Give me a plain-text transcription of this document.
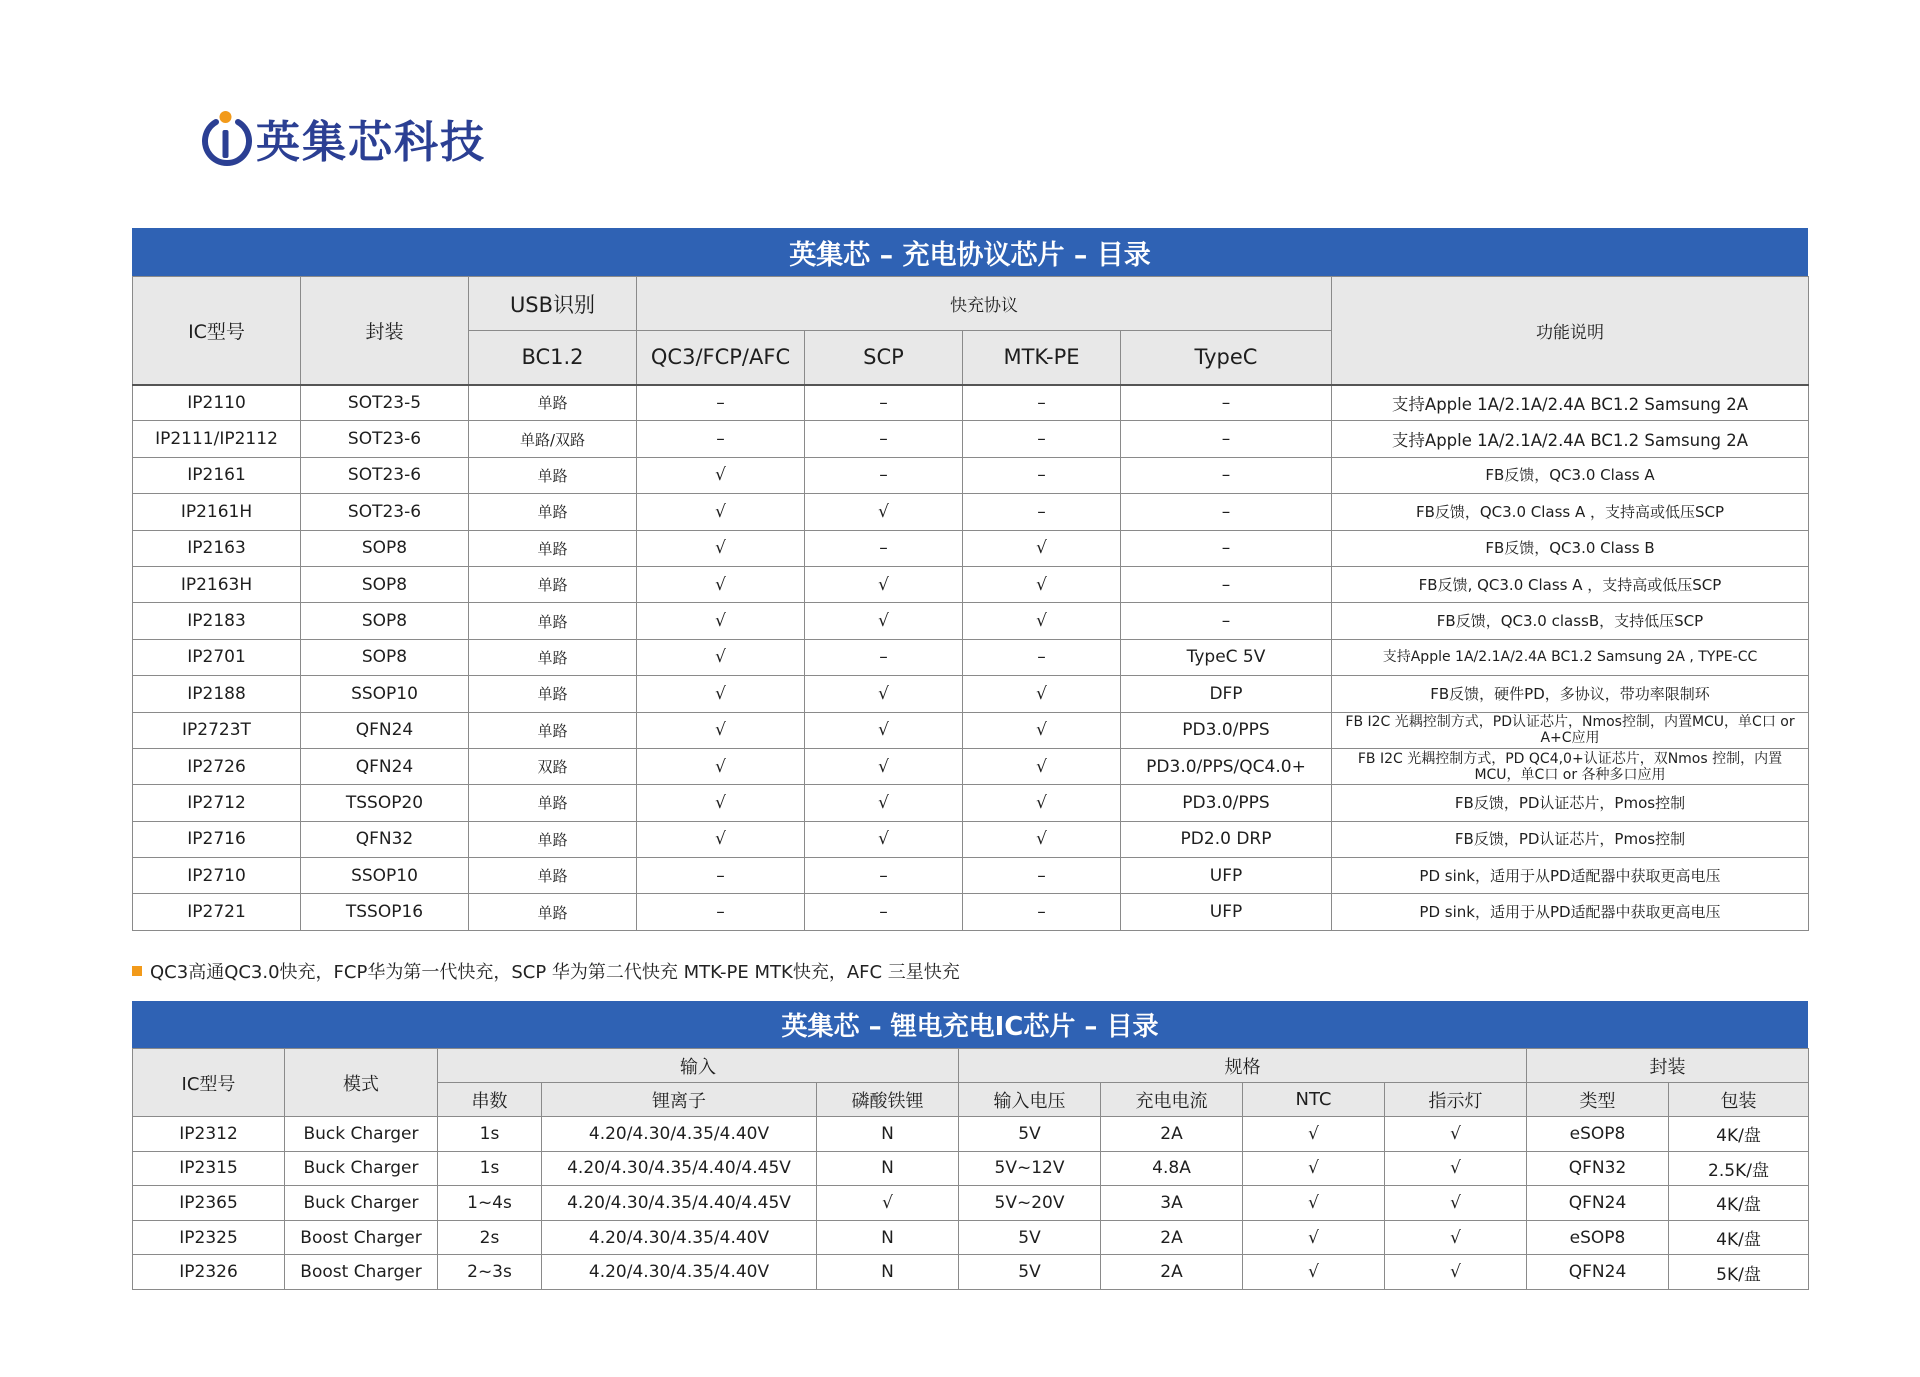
英集芯科技
英集芯 – 充电协议芯片 – 目录
IC型号	封装	USB识别	快充协议				功能说明
		BC1.2	QC3/FCP/AFC	SCP	MTK-PE	TypeC	
IP2110	SOT23-5	单路	–	–	–	–	支持Apple 1A/2.1A/2.4A BC1.2 Samsung 2A
IP2111/IP2112	SOT23-6	单路/双路	–	–	–	–	支持Apple 1A/2.1A/2.4A BC1.2 Samsung 2A
IP2161	SOT23-6	单路	√	–	–	–	FB反馈，QC3.0 Class A
IP2161H	SOT23-6	单路	√	√	–	–	FB反馈，QC3.0 Class A ，支持高或低压SCP
IP2163	SOP8	单路	√	–	√	–	FB反馈，QC3.0 Class B
IP2163H	SOP8	单路	√	√	√	–	FB反馈, QC3.0 Class A ，支持高或低压SCP
IP2183	SOP8	单路	√	√	√	–	FB反馈，QC3.0 classB，支持低压SCP
IP2701	SOP8	单路	√	–	–	TypeC 5V	支持Apple 1A/2.1A/2.4A BC1.2 Samsung 2A , TYPE-CC
IP2188	SSOP10	单路	√	√	√	DFP	FB反馈，硬件PD，多协议，带功率限制环
IP2723T	QFN24	单路	√	√	√	PD3.0/PPS	FB I2C 光耦控制方式，PD认证芯片，Nmos控制，内置MCU，单C口 or A+C应用
IP2726	QFN24	双路	√	√	√	PD3.0/PPS/QC4.0+	FB I2C 光耦控制方式，PD QC4,0+认证芯片，双Nmos 控制，内置MCU，单C口 or 各种多口应用
IP2712	TSSOP20	单路	√	√	√	PD3.0/PPS	FB反馈，PD认证芯片，Pmos控制
IP2716	QFN32	单路	√	√	√	PD2.0 DRP	FB反馈，PD认证芯片，Pmos控制
IP2710	SSOP10	单路	–	–	–	UFP	PD sink，适用于从PD适配器中获取更高电压
IP2721	TSSOP16	单路	–	–	–	UFP	PD sink，适用于从PD适配器中获取更高电压
QC3高通QC3.0快充，FCP华为第一代快充，SCP 华为第二代快充 MTK-PE MTK快充，AFC 三星快充
英集芯 – 锂电充电IC芯片 – 目录
IC型号	模式	输入			规格				封装	
		串数	锂离子	磷酸铁锂	输入电压	充电电流	NTC	指示灯	类型	包装
IP2312	Buck Charger	1s	4.20/4.30/4.35/4.40V	N	5V	2A	√	√	eSOP8	4K/盘
IP2315	Buck Charger	1s	4.20/4.30/4.35/4.40/4.45V	N	5V~12V	4.8A	√	√	QFN32	2.5K/盘
IP2365	Buck Charger	1~4s	4.20/4.30/4.35/4.40/4.45V	√	5V~20V	3A	√	√	QFN24	4K/盘
IP2325	Boost Charger	2s	4.20/4.30/4.35/4.40V	N	5V	2A	√	√	eSOP8	4K/盘
IP2326	Boost Charger	2~3s	4.20/4.30/4.35/4.40V	N	5V	2A	√	√	QFN24	5K/盘
